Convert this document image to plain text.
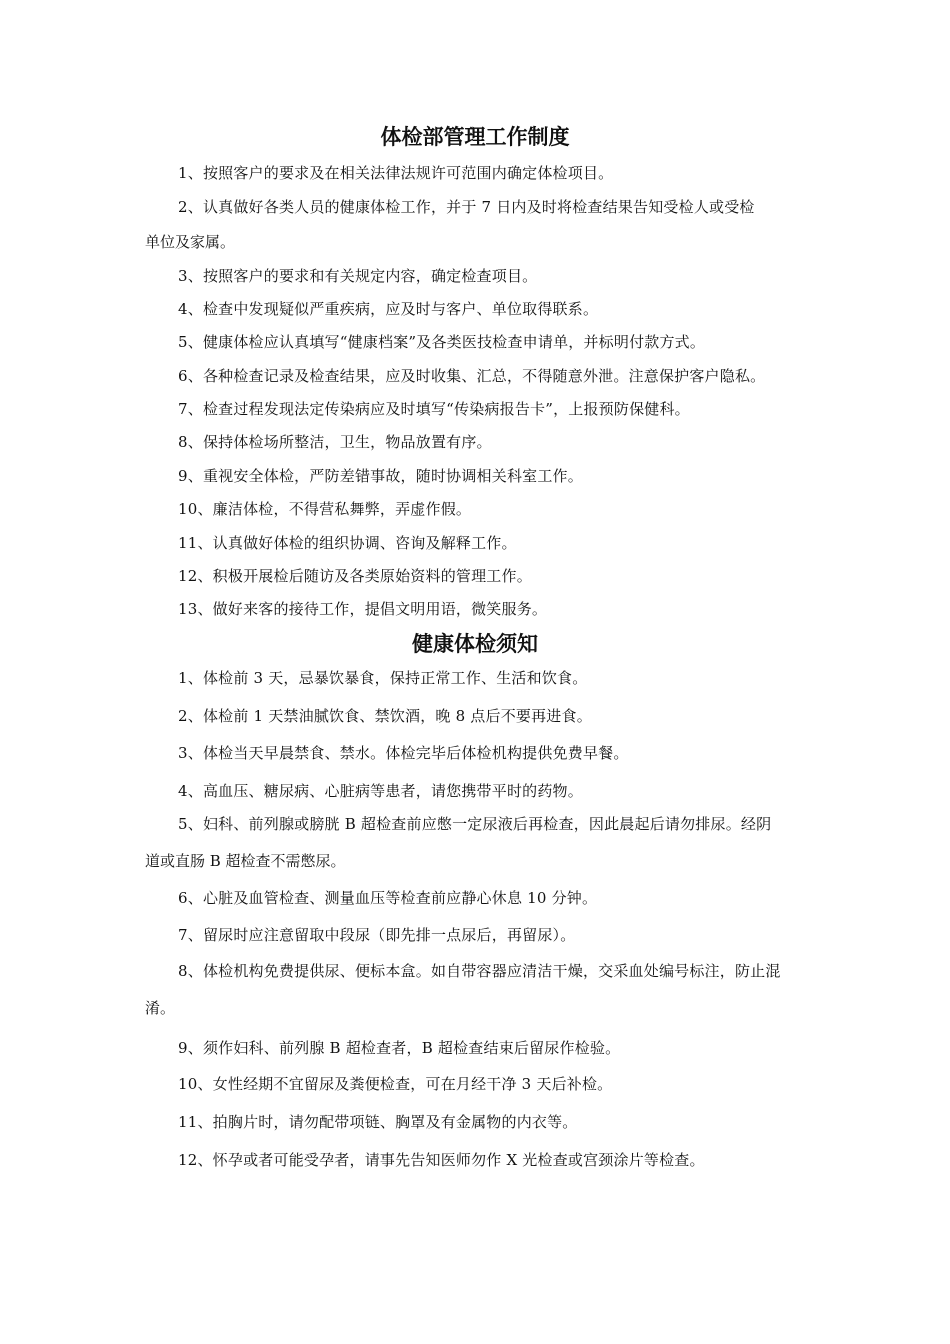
体检部管理工作制度
1、按照客户的要求及在相关法律法规许可范围内确定体检项目。
2、认真做好各类人员的健康体检工作，并于 7 日内及时将检查结果告知受检人或受检
单位及家属。
3、按照客户的要求和有关规定内容，确定检查项目。
4、检查中发现疑似严重疾病，应及时与客户、单位取得联系。
5、健康体检应认真填写“健康档案”及各类医技检查申请单，并标明付款方式。
6、各种检查记录及检查结果，应及时收集、汇总，不得随意外泄。注意保护客户隐私。
7、检查过程发现法定传染病应及时填写“传染病报告卡”，上报预防保健科。
8、保持体检场所整洁，卫生，物品放置有序。
9、重视安全体检，严防差错事故，随时协调相关科室工作。
10、廉洁体检，不得营私舞弊，弄虚作假。
11、认真做好体检的组织协调、咨询及解释工作。
12、积极开展检后随访及各类原始资料的管理工作。
13、做好来客的接待工作，提倡文明用语，微笑服务。
健康体检须知
1、体检前 3 天，忌暴饮暴食，保持正常工作、生活和饮食。
2、体检前 1 天禁油腻饮食、禁饮酒，晚 8 点后不要再进食。
3、体检当天早晨禁食、禁水。体检完毕后体检机构提供免费早餐。
4、高血压、糖尿病、心脏病等患者，请您携带平时的药物。
5、妇科、前列腺或膀胱 B 超检查前应憋一定尿液后再检查，因此晨起后请勿排尿。经阴
道或直肠 B 超检查不需憋尿。
6、心脏及血管检查、测量血压等检查前应静心休息 10 分钟。
7、留尿时应注意留取中段尿（即先排一点尿后，再留尿）。
8、体检机构免费提供尿、便标本盒。如自带容器应清洁干燥，交采血处编号标注，防止混
淆。
9、须作妇科、前列腺 B 超检查者，B 超检查结束后留尿作检验。
10、女性经期不宜留尿及粪便检查，可在月经干净 3 天后补检。
11、拍胸片时，请勿配带项链、胸罩及有金属物的内衣等。
12、怀孕或者可能受孕者，请事先告知医师勿作 X 光检查或宫颈涂片等检查。
